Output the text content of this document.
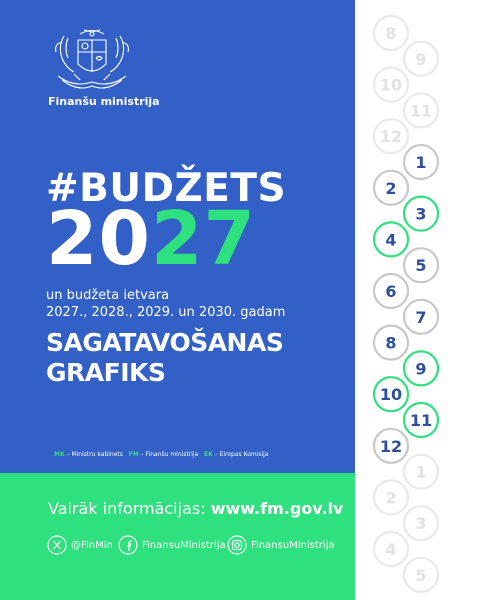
Finanšu ministrija
#BUDŽETS
2027
un budžeta ietvara
2027., 2028., 2029. un 2030. gadam
SAGATAVOŠANAS
GRAFIKS
MK – Ministru kabinets FM – Finanšu ministrija EK – Eiropas Komisija
Vairāk informācijas: www.fm.gov.lv
@FinMin	FinansuMinistrija	FinansuMinistrija
8
9
10
11
12
1
2
3
4
5
6
7
8
9
10
11
12
1
2
3
4
5
